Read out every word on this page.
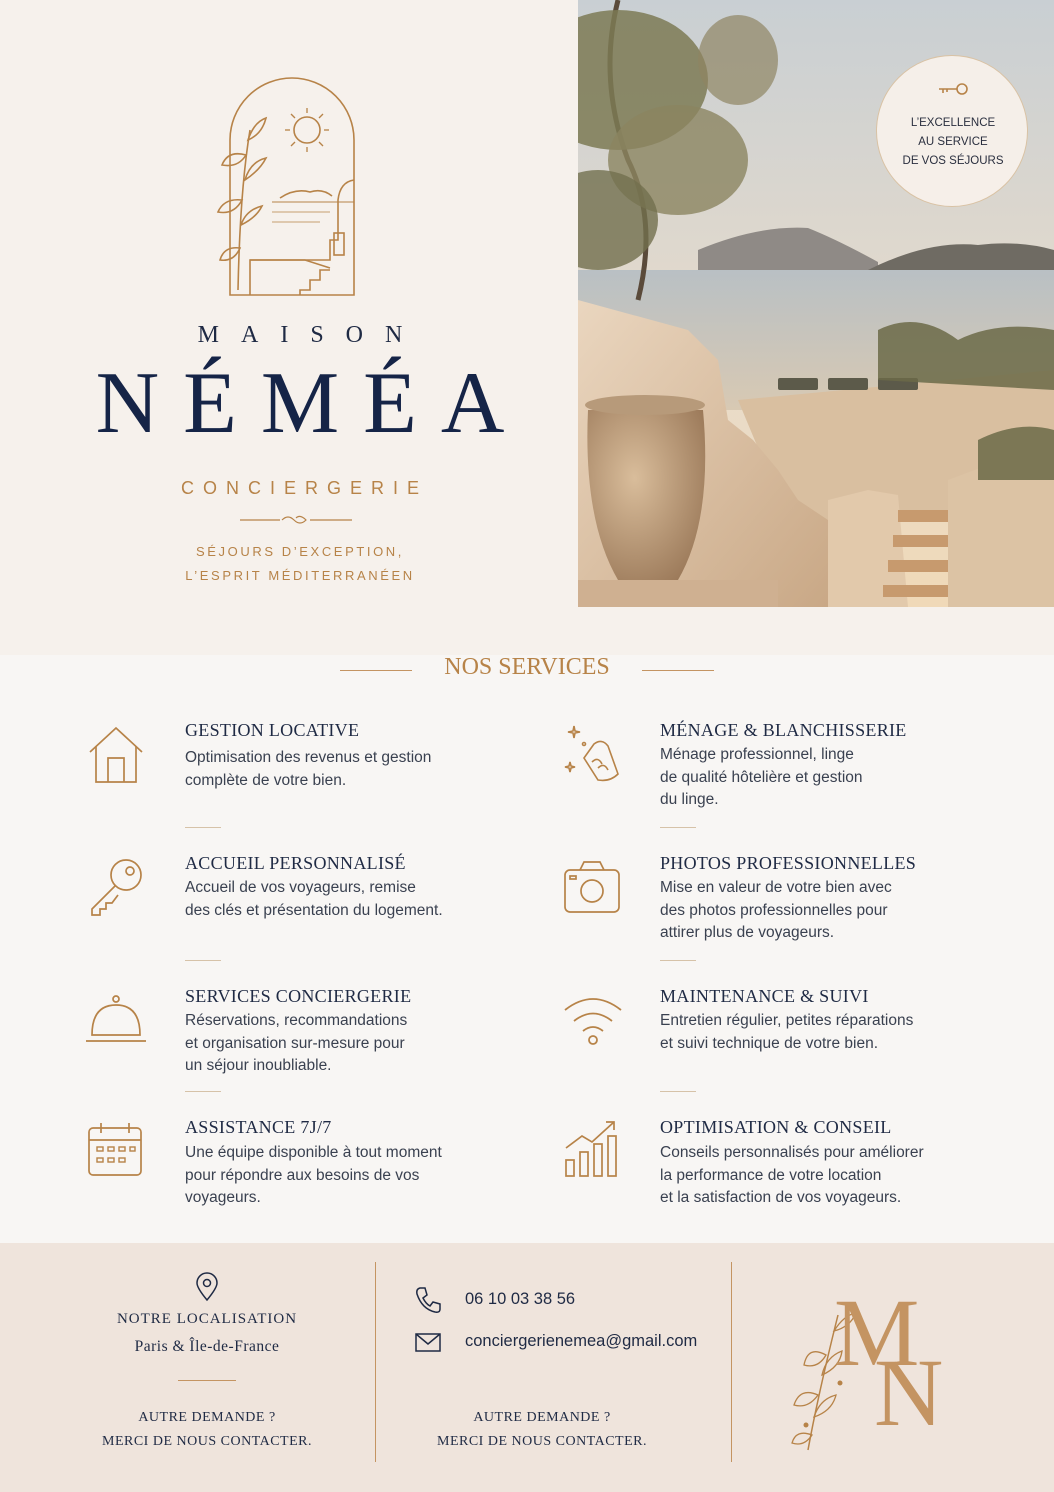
MAISON
NÉMÉA
CONCIERGERIE
SÉJOURS D’EXCEPTION,
L’ESPRIT MÉDITERRANÉEN
L’EXCELLENCE
AU SERVICE
DE VOS SÉJOURS
NOS SERVICES
GESTION LOCATIVE
Optimisation des revenus et gestion
complète de votre bien.
MÉNAGE & BLANCHISSERIE
Ménage professionnel, linge
de qualité hôtelière et gestion
du linge.
ACCUEIL PERSONNALISÉ
Accueil de vos voyageurs, remise
des clés et présentation du logement.
PHOTOS PROFESSIONNELLES
Mise en valeur de votre bien avec
des photos professionnelles pour
attirer plus de voyageurs.
SERVICES CONCIERGERIE
Réservations, recommandations
et organisation sur-mesure pour
un séjour inoubliable.
MAINTENANCE & SUIVI
Entretien régulier, petites réparations
et suivi technique de votre bien.
ASSISTANCE 7J/7
Une équipe disponible à tout moment
pour répondre aux besoins de vos
voyageurs.
OPTIMISATION & CONSEIL
Conseils personnalisés pour améliorer
la performance de votre location
et la satisfaction de vos voyageurs.
NOTRE LOCALISATION
Paris & Île-de-France
AUTRE DEMANDE ?
MERCI DE NOUS CONTACTER.
06 10 03 38 56
conciergerienemea@gmail.com
AUTRE DEMANDE ?
MERCI DE NOUS CONTACTER.
M
N
